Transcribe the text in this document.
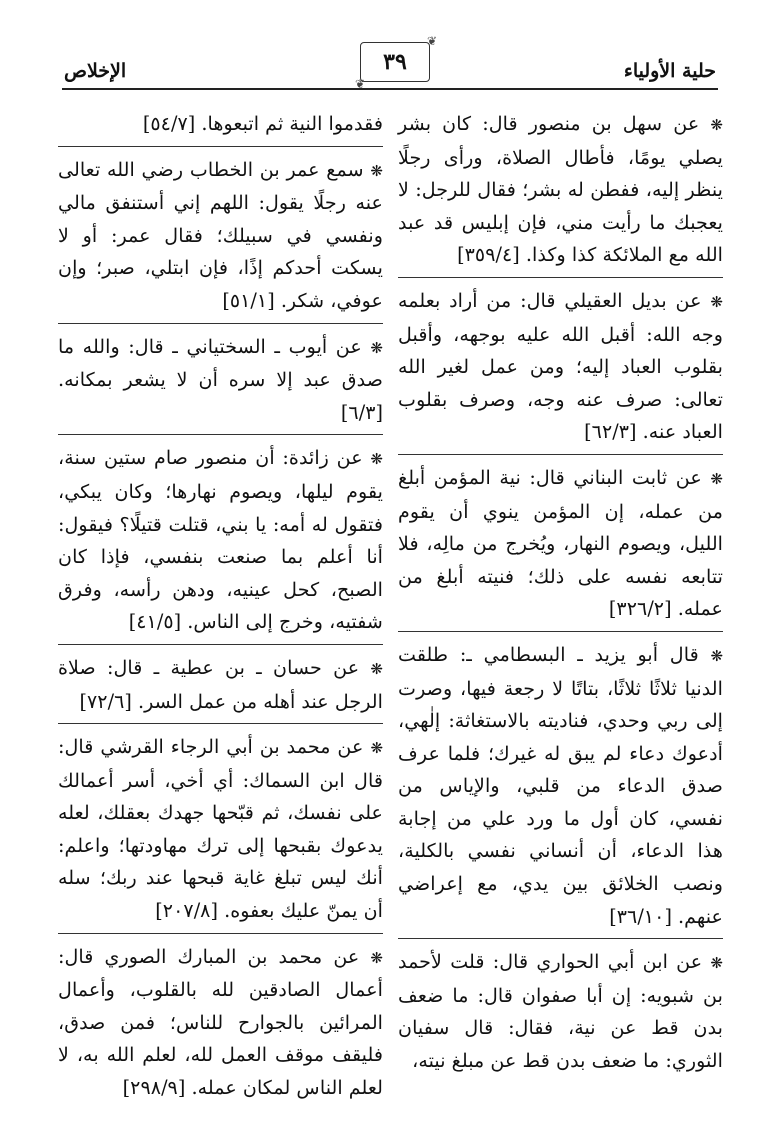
حلية الأولياء
❦
٣٩
❦
الإخلاص

❋ عن سهل بن منصور قال: كان بشر يصلي يومًا، فأطال الصلاة، ورأى رجلًا ينظر إليه، ففطن له بشر؛ فقال للرجل: لا يعجبك ما رأيت مني، فإن إبليس قد عبد الله مع الملائكة كذا وكذا. [٣٥٩/٤]

❋ عن بديل العقيلي قال: من أراد بعلمه وجه الله: أقبل الله عليه بوجهه، وأقبل بقلوب العباد إليه؛ ومن عمل لغير الله تعالى: صرف عنه وجه، وصرف بقلوب العباد عنه. [٦٢/٣]

❋ عن ثابت البناني قال: نية المؤمن أبلغ من عمله، إن المؤمن ينوي أن يقوم الليل، ويصوم النهار، ويُخرج من مالِه، فلا تتابعه نفسه على ذلك؛ فنيته أبلغ من عمله. [٣٢٦/٢]

❋ قال أبو يزيد ـ البسطامي ـ: طلقت الدنيا ثلاثًا ثلاثًا، بتاتًا لا رجعة فيها، وصرت إلى ربي وحدي، فناديته بالاستغاثة: إلٰهي، أدعوك دعاء لم يبق له غيرك؛ فلما عرف صدق الدعاء من قلبي، والإياس من نفسي، كان أول ما ورد علي من إجابة هذا الدعاء، أن أنساني نفسي بالكلية، ونصب الخلائق بين يدي، مع إعراضي عنهم. [٣٦/١٠]

❋ عن ابن أبي الحواري قال: قلت لأحمد بن شبويه: إن أبا صفوان قال: ما ضعف بدن قط عن نية، فقال: قال سفيان الثوري: ما ضعف بدن قط عن مبلغ نيته،

فقدموا النية ثم اتبعوها. [٥٤/٧]

❋ سمع عمر بن الخطاب رضي الله تعالى عنه رجلًا يقول: اللهم إني أستنفق مالي ونفسي في سبيلك؛ فقال عمر: أو لا يسكت أحدكم إذًا، فإن ابتلي، صبر؛ وإن عوفي، شكر. [٥١/١]

❋ عن أيوب ـ السختياني ـ قال: والله ما صدق عبد إلا سره أن لا يشعر بمكانه. [٦/٣]

❋ عن زائدة: أن منصور صام ستين سنة، يقوم ليلها، ويصوم نهارها؛ وكان يبكي، فتقول له أمه: يا بني، قتلت قتيلًا؟ فيقول: أنا أعلم بما صنعت بنفسي، فإذا كان الصبح، كحل عينيه، ودهن رأسه، وفرق شفتيه، وخرج إلى الناس. [٤١/٥]

❋ عن حسان ـ بن عطية ـ قال: صلاة الرجل عند أهله من عمل السر. [٧٢/٦]

❋ عن محمد بن أبي الرجاء القرشي قال: قال ابن السماك: أي أخي، أسر أعمالك على نفسك، ثم قبّحها جهدك بعقلك، لعله يدعوك بقبحها إلى ترك مهاودتها؛ واعلم: أنك ليس تبلغ غاية قبحها عند ربك؛ سله أن يمنّ عليك بعفوه. [٢٠٧/٨]

❋ عن محمد بن المبارك الصوري قال: أعمال الصادقين لله بالقلوب، وأعمال المرائين بالجوارح للناس؛ فمن صدق، فليقف موقف العمل لله، لعلم الله به، لا لعلم الناس لمكان عمله. [٢٩٨/٩]
